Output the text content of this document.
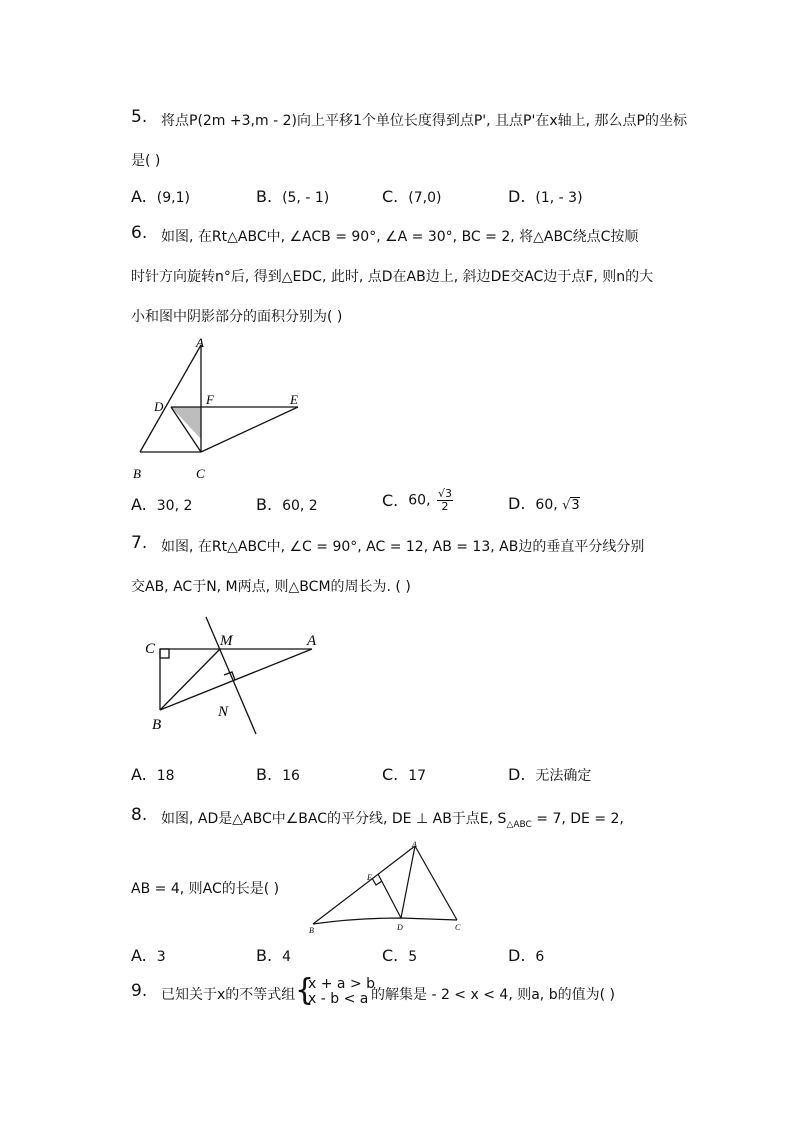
5. 将点P(2m +3,m - 2)向上平移1个单位长度得到点P', 且点P'在x轴上, 那么点P的坐标
是( )
A. (9,1)	B. (5, - 1)	C. (7,0)	D. (1, - 3)
6. 如图, 在Rt△ABC中, ∠ACB = 90°, ∠A = 30°, BC = 2, 将△ABC绕点C按顺
时针方向旋转n°后, 得到△EDC, 此时, 点D在AB边上, 斜边DE交AC边于点F, 则n的大
小和图中阴影部分的面积分别为( )
A
D	F	E
B	C
A. 30, 2	B. 60, 2	C. 60, $\frac{√3}{2}$	D. 60, √3
7. 如图, 在Rt△ABC中, ∠C = 90°, AC = 12, AB = 13, AB边的垂直平分线分别
交AB, AC于N, M两点, 则△BCM的周长为. ( )
C	M	A
B
N
A. 18	B. 16	C. 17	D. 无法确定
8. 如图, AD是△ABC中∠BAC的平分线, DE ⊥ AB于点E, $S_{\triangle ABC} = 7$, DE = 2,
AB = 4, 则AC的长是( )
A
E
B	D	C
A. 3	B. 4	C. 5	D. 6
9. 已知关于x的不等式组 {
x + a > b
x - b < a 的解集是 - 2 < x < 4, 则a, b的值为( )
